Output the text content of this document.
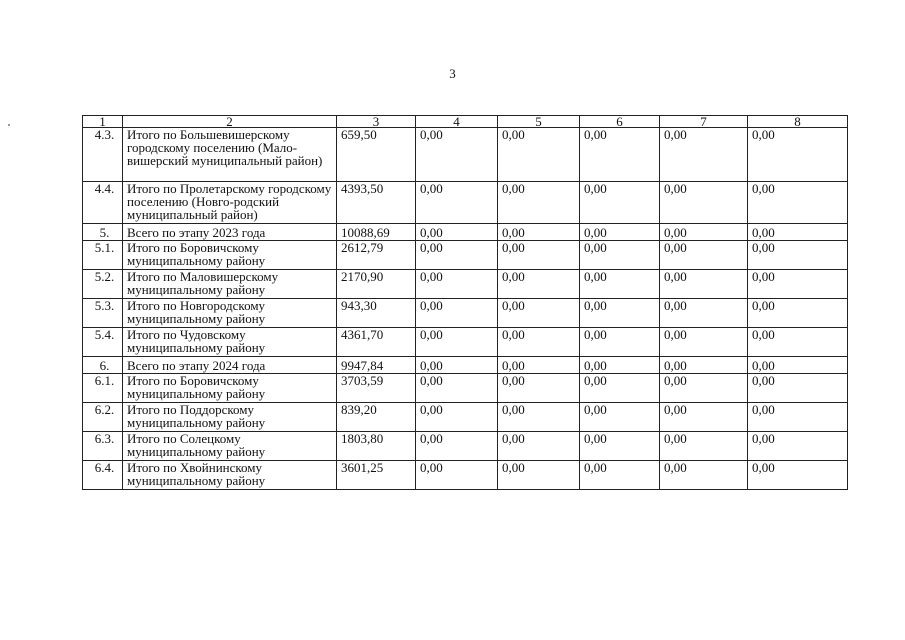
3
1	2	3	4	5	6	7	8
4.3.	Итого по Большевишерскому городскому поселению (Мало-вишерский муниципальный район)	659,50	0,00	0,00	0,00	0,00	0,00
4.4.	Итого по Пролетарскому городскому поселению (Новго-родский муниципальный район)	4393,50	0,00	0,00	0,00	0,00	0,00
5.	Всего по этапу 2023 года	10088,69	0,00	0,00	0,00	0,00	0,00
5.1.	Итого по Боровичскому муниципальному району	2612,79	0,00	0,00	0,00	0,00	0,00
5.2.	Итого по Маловишерскому муниципальному району	2170,90	0,00	0,00	0,00	0,00	0,00
5.3.	Итого по Новгородскому муниципальному району	943,30	0,00	0,00	0,00	0,00	0,00
5.4.	Итого по Чудовскому муниципальному району	4361,70	0,00	0,00	0,00	0,00	0,00
6.	Всего по этапу 2024 года	9947,84	0,00	0,00	0,00	0,00	0,00
6.1.	Итого по Боровичскому муниципальному району	3703,59	0,00	0,00	0,00	0,00	0,00
6.2.	Итого по Поддорскому муниципальному району	839,20	0,00	0,00	0,00	0,00	0,00
6.3.	Итого по Солецкому муниципальному району	1803,80	0,00	0,00	0,00	0,00	0,00
6.4.	Итого по Хвойнинскому муниципальному району	3601,25	0,00	0,00	0,00	0,00	0,00
